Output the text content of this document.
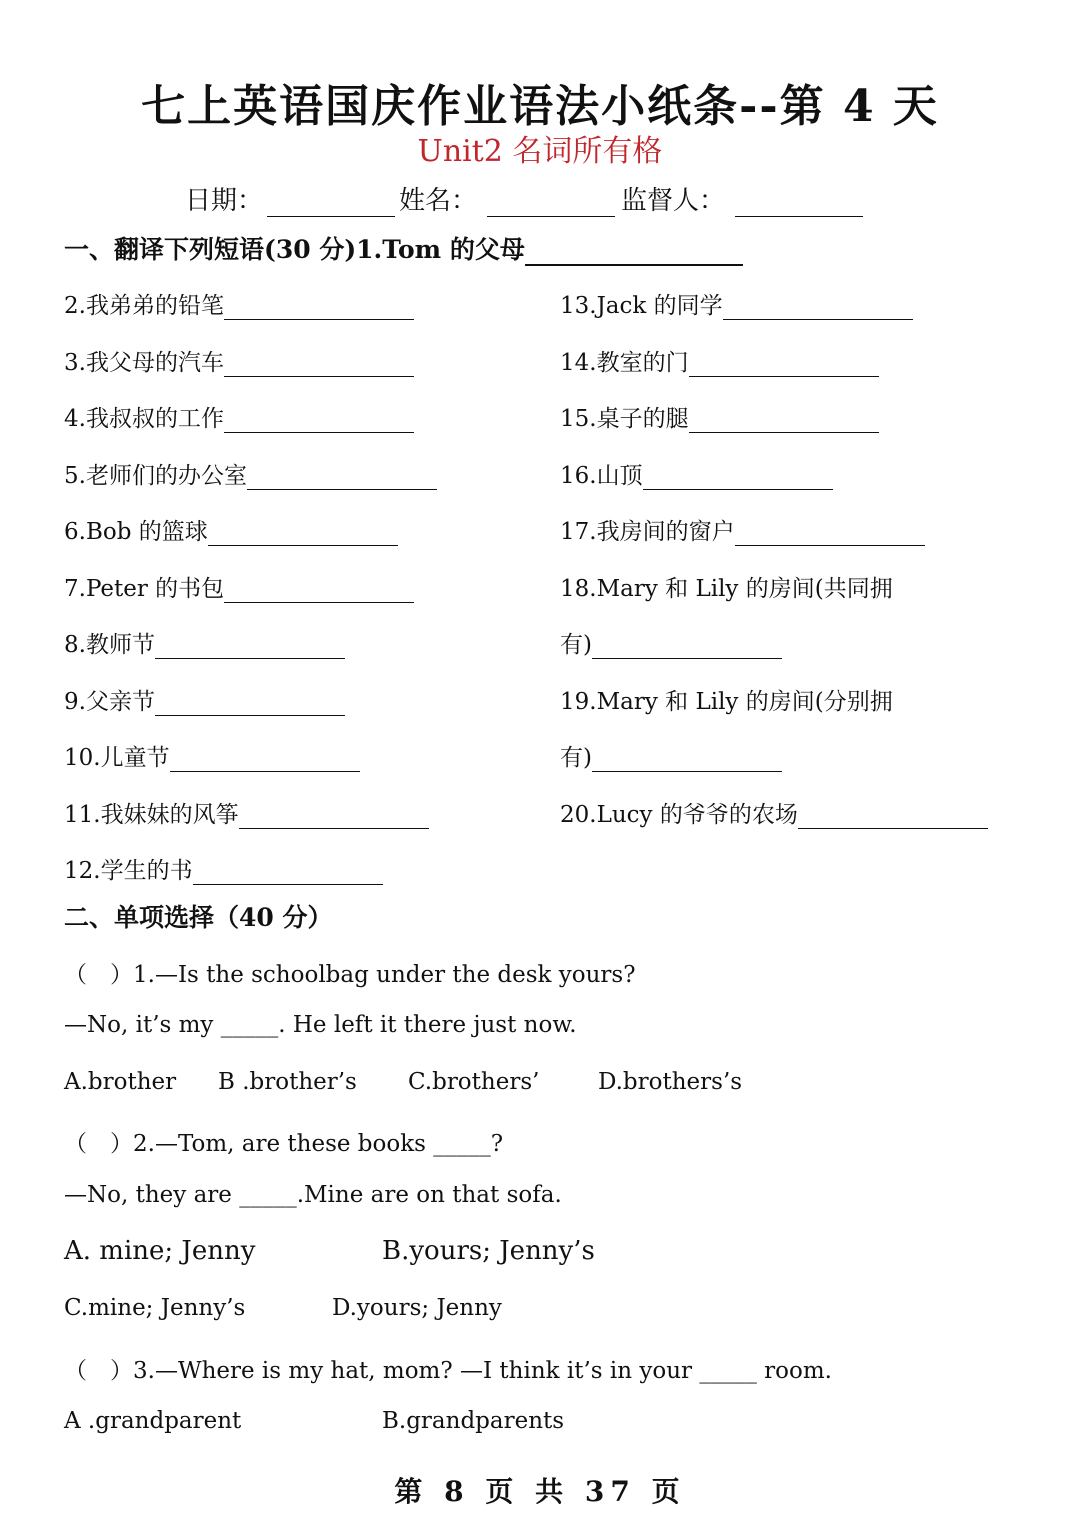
七上英语国庆作业语法小纸条--第 4 天
Unit2 名词所有格
日期：	姓名：	监督人：
一、翻译下列短语(30 分)1.Tom 的父母
2.我弟弟的铅笔
3.我父母的汽车
4.我叔叔的工作
5.老师们的办公室
6.Bob 的篮球
7.Peter 的书包
8.教师节
9.父亲节
10.儿童节
11.我妹妹的风筝
12.学生的书
13.Jack 的同学
14.教室的门
15.桌子的腿
16.山顶
17.我房间的窗户
18.Mary 和 Lily 的房间(共同拥
有)
19.Mary 和 Lily 的房间(分别拥
有)
20.Lucy 的爷爷的农场
二、单项选择（40 分）
（　）1.—Is the schoolbag under the desk yours?
—No, it’s my _____. He left it there just now.
A.brother B .brother’s C.brothers’	D.brothers’s
（　）2.—Tom, are these books _____?
—No, they are _____.Mine are on that sofa.
A. mine; Jenny	B.yours; Jenny’s
C.mine; Jenny’s	D.yours; Jenny
（　）3.—Where is my hat, mom? —I think it’s in your _____ room.
A .grandparent	B.grandparents
第 8 页 共 37 页
